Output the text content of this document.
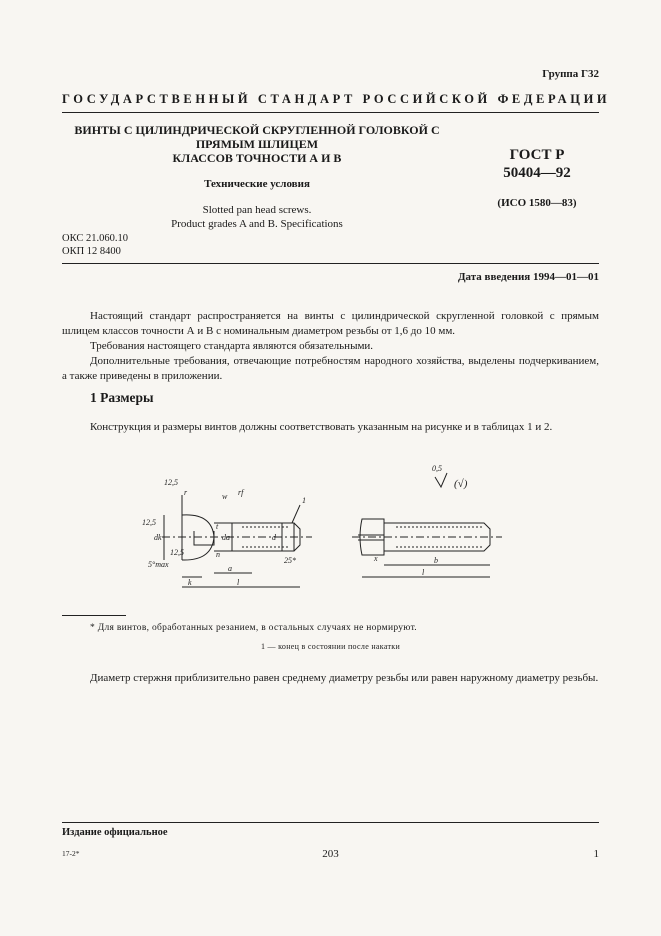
Группа Г32
ГОСУДАРСТВЕННЫЙ СТАНДАРТ РОССИЙСКОЙ ФЕДЕРАЦИИ
ВИНТЫ С ЦИЛИНДРИЧЕСКОЙ СКРУГЛЕННОЙ ГОЛОВКОЙ С
ПРЯМЫМ ШЛИЦЕМ
КЛАССОВ ТОЧНОСТИ А И В
Технические условия
Slotted pan head screws.
Product grades A and B. Specifications
ГОСТ Р
50404—92
(ИСО 1580—83)
ОКС 21.060.10
ОКП 12 8400
Дата введения 1994—01—01

Настоящий стандарт распространяется на винты с цилиндрической скругленной головкой с прямым шлицем классов точности А и В с номинальным диаметром резьбы от 1,6 до 10 мм.

Требования настоящего стандарта являются обязательными.

Дополнительные требования, отвечающие потребностям народного хозяйства, выделены подчеркиванием, а также приведены в приложении.

1 Размеры

Конструкция и размеры винтов должны соответствовать указанным на рисунке и в таблицах 1 и 2.

r	w rf
1
dk	da	d
n
t
k
a
l
5°max
12,5
12,5
12,5
25*
0,5
(√)
x	b
l
* Для винтов, обработанных резанием, в остальных случаях не нормируют.
1 — конец в состоянии после накатки

Диаметр стержня приблизительно равен среднему диаметру резьбы или равен наружному диаметру резьбы.

Издание официальное
17-2*	203	1
